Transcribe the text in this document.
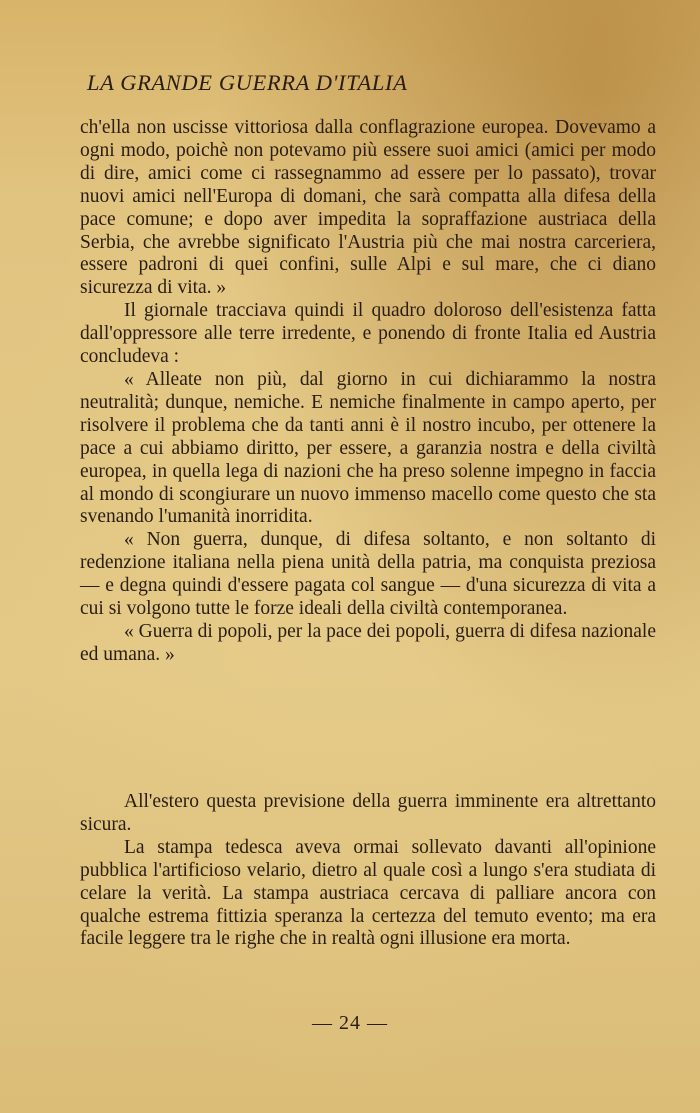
LA GRANDE GUERRA D'ITALIA

ch'ella non uscisse vittoriosa dalla conflagrazione europea. Dovevamo a ogni modo, poichè non potevamo più essere suoi amici (amici per modo di dire, amici come ci rassegnammo ad essere per lo passato), trovar nuovi amici nell'Europa di domani, che sarà compatta alla difesa della pace comune; e dopo aver impedita la sopraffazione austriaca della Serbia, che avrebbe significato l'Austria più che mai nostra carceriera, essere padroni di quei confini, sulle Alpi e sul mare, che ci diano sicurezza di vita. »

Il giornale tracciava quindi il quadro doloroso dell'esistenza fatta dall'oppressore alle terre irredente, e ponendo di fronte Italia ed Austria concludeva :

« Alleate non più, dal giorno in cui dichiarammo la nostra neutralità; dunque, nemiche. E nemiche finalmente in campo aperto, per risolvere il problema che da tanti anni è il nostro incubo, per ottenere la pace a cui abbiamo diritto, per essere, a garanzia nostra e della civiltà europea, in quella lega di nazioni che ha preso solenne impegno in faccia al mondo di scongiurare un nuovo immenso macello come questo che sta svenando l'umanità inorridita.

« Non guerra, dunque, di difesa soltanto, e non soltanto di redenzione italiana nella piena unità della patria, ma conquista preziosa — e degna quindi d'essere pagata col sangue — d'una sicurezza di vita a cui si volgono tutte le forze ideali della civiltà contemporanea.

« Guerra di popoli, per la pace dei popoli, guerra di difesa nazionale ed umana. »

All'estero questa previsione della guerra imminente era altrettanto sicura.

La stampa tedesca aveva ormai sollevato davanti all'opinione pubblica l'artificioso velario, dietro al quale così a lungo s'era studiata di celare la verità. La stampa austriaca cercava di palliare ancora con qualche estrema fittizia speranza la certezza del temuto evento; ma era facile leggere tra le righe che in realtà ogni illusione era morta.

— 24 —
